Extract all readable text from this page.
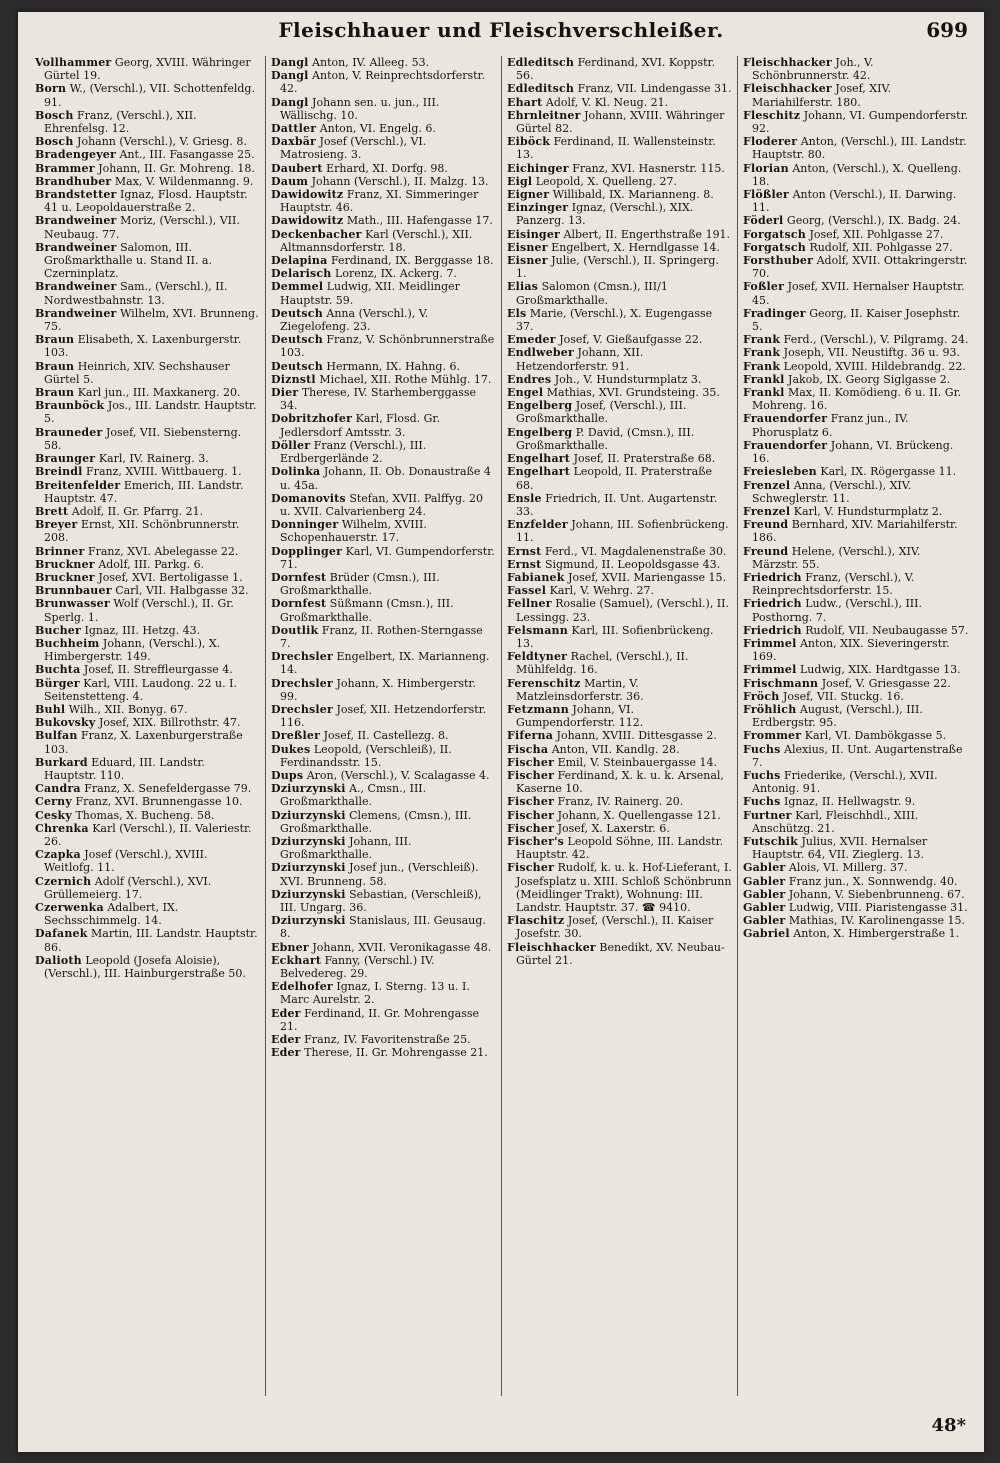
Fleischhauer und Fleischverschleißer.	699
Vollhammer Georg, XVIII. Währinger Gürtel 19.
Born W., (Verschl.), VII. Schottenfeldg. 91.
Bosch Franz, (Verschl.), XII. Ehrenfelsg. 12.
Bosch Johann (Verschl.), V. Griesg. 8.
Bradengeyer Ant., III. Fasangasse 25.
Brammer Johann, II. Gr. Mohreng. 18.
Brandhuber Max, V. Wildenmanng. 9.
Brandstetter Ignaz, Flosd. Hauptstr. 41 u. Leopoldauerstraße 2.
Brandweiner Moriz, (Verschl.), VII. Neubaug. 77.
Brandweiner Salomon, III. Großmarkthalle u. Stand II. a. Czerninplatz.
Brandweiner Sam., (Verschl.), II. Nordwestbahnstr. 13.
Brandweiner Wilhelm, XVI. Brunneng. 75.
Braun Elisabeth, X. Laxenburgerstr. 103.
Braun Heinrich, XIV. Sechshauser Gürtel 5.
Braun Karl jun., III. Maxkanerg. 20.
Braunböck Jos., III. Landstr. Hauptstr. 5.
Brauneder Josef, VII. Siebensterng. 58.
Braunger Karl, IV. Rainerg. 3.
Breindl Franz, XVIII. Wittbauerg. 1.
Breitenfelder Emerich, III. Landstr. Hauptstr. 47.
Brett Adolf, II. Gr. Pfarrg. 21.
Breyer Ernst, XII. Schönbrunnerstr. 208.
Brinner Franz, XVI. Abelegasse 22.
Bruckner Adolf, III. Parkg. 6.
Bruckner Josef, XVI. Bertoligasse 1.
Brunnbauer Carl, VII. Halbgasse 32.
Brunwasser Wolf (Verschl.), II. Gr. Sperlg. 1.
Bucher Ignaz, III. Hetzg. 43.
Buchheim Johann, (Verschl.), X. Himbergerstr. 149.
Buchta Josef, II. Streffleurgasse 4.
Bürger Karl, VIII. Laudong. 22 u. I. Seitenstetteng. 4.
Buhl Wilh., XII. Bonyg. 67.
Bukovsky Josef, XIX. Billrothstr. 47.
Bulfan Franz, X. Laxenburgerstraße 103.
Burkard Eduard, III. Landstr. Hauptstr. 110.
Candra Franz, X. Senefeldergasse 79.
Cerny Franz, XVI. Brunnengasse 10.
Cesky Thomas, X. Bucheng. 58.
Chrenka Karl (Verschl.), II. Valeriestr. 26.
Czapka Josef (Verschl.), XVIII. Weitlofg. 11.
Czernich Adolf (Verschl.), XVI. Grüllemeierg. 17.
Czerwenka Adalbert, IX. Sechsschimmelg. 14.
Dafanek Martin, III. Landstr. Hauptstr. 86.
Dalioth Leopold (Josefa Aloisie), (Verschl.), III. Hainburgerstraße 50.
Dangl Anton, IV. Alleeg. 53.
Dangl Anton, V. Reinprechtsdorferstr. 42.
Dangl Johann sen. u. jun., III. Wällischg. 10.
Dattler Anton, VI. Engelg. 6.
Daxbär Josef (Verschl.), VI. Matrosieng. 3.
Daubert Erhard, XI. Dorfg. 98.
Daum Johann (Verschl.), II. Malzg. 13.
Dawidowitz Franz, XI. Simmeringer Hauptstr. 46.
Dawidowitz Math., III. Hafengasse 17.
Deckenbacher Karl (Verschl.), XII. Altmannsdorferstr. 18.
Delapina Ferdinand, IX. Berggasse 18.
Delarisch Lorenz, IX. Ackerg. 7.
Demmel Ludwig, XII. Meidlinger Hauptstr. 59.
Deutsch Anna (Verschl.), V. Ziegelofeng. 23.
Deutsch Franz, V. Schönbrunnerstraße 103.
Deutsch Hermann, IX. Hahng. 6.
Diznstl Michael, XII. Rothe Mühlg. 17.
Dier Therese, IV. Starhemberggasse 34.
Dobritzhofer Karl, Flosd. Gr. Jedlersdorf Amtsstr. 3.
Döller Franz (Verschl.), III. Erdbergerlände 2.
Dolinka Johann, II. Ob. Donaustraße 4 u. 45a.
Domanovits Stefan, XVII. Palffyg. 20 u. XVII. Calvarienberg 24.
Donninger Wilhelm, XVIII. Schopenhauerstr. 17.
Dopplinger Karl, VI. Gumpendorferstr. 71.
Dornfest Brüder (Cmsn.), III. Großmarkthalle.
Dornfest Süßmann (Cmsn.), III. Großmarkthalle.
Doutlik Franz, II. Rothen-Sterngasse 7.
Drechsler Engelbert, IX. Marianneng. 14.
Drechsler Johann, X. Himbergerstr. 99.
Drechsler Josef, XII. Hetzendorferstr. 116.
Dreßler Josef, II. Castellezg. 8.
Dukes Leopold, (Verschleiß), II. Ferdinandsstr. 15.
Dups Aron, (Verschl.), V. Scalagasse 4.
Dziurzynski A., Cmsn., III. Großmarkthalle.
Dziurzynski Clemens, (Cmsn.), III. Großmarkthalle.
Dziurzynski Johann, III. Großmarkthalle.
Dziurzynski Josef jun., (Verschleiß). XVI. Brunneng. 58.
Dziurzynski Sebastian, (Verschleiß), III. Ungarg. 36.
Dziurzynski Stanislaus, III. Geusaug. 8.
Ebner Johann, XVII. Veronikagasse 48.
Eckhart Fanny, (Verschl.) IV. Belvedereg. 29.
Edelhofer Ignaz, I. Sterng. 13 u. I. Marc Aurelstr. 2.
Eder Ferdinand, II. Gr. Mohrengasse 21.
Eder Franz, IV. Favoritenstraße 25.
Eder Therese, II. Gr. Mohrengasse 21.
Edleditsch Ferdinand, XVI. Koppstr. 56.
Edleditsch Franz, VII. Lindengasse 31.
Ehart Adolf, V. Kl. Neug. 21.
Ehrnleitner Johann, XVIII. Währinger Gürtel 82.
Eiböck Ferdinand, II. Wallensteinstr. 13.
Eichinger Franz, XVI. Hasnerstr. 115.
Eigl Leopold, X. Quelleng. 27.
Eigner Willibald, IX. Marianneng. 8.
Einzinger Ignaz, (Verschl.), XIX. Panzerg. 13.
Eisinger Albert, II. Engerthstraße 191.
Eisner Engelbert, X. Herndlgasse 14.
Eisner Julie, (Verschl.), II. Springerg. 1.
Elias Salomon (Cmsn.), III/1 Großmarkthalle.
Els Marie, (Verschl.), X. Eugengasse 37.
Emeder Josef, V. Gießaufgasse 22.
Endlweber Johann, XII. Hetzendorferstr. 91.
Endres Joh., V. Hundsturmplatz 3.
Engel Mathias, XVI. Grundsteing. 35.
Engelberg Josef, (Verschl.), III. Großmarkthalle.
Engelberg P. David, (Cmsn.), III. Großmarkthalle.
Engelhart Josef, II. Praterstraße 68.
Engelhart Leopold, II. Praterstraße 68.
Ensle Friedrich, II. Unt. Augartenstr. 33.
Enzfelder Johann, III. Sofienbrückeng. 11.
Ernst Ferd., VI. Magdalenenstraße 30.
Ernst Sigmund, II. Leopoldsgasse 43.
Fabianek Josef, XVII. Mariengasse 15.
Fassel Karl, V. Wehrg. 27.
Fellner Rosalie (Samuel), (Verschl.), II. Lessingg. 23.
Felsmann Karl, III. Sofienbrückeng. 13.
Feldtyner Rachel, (Verschl.), II. Mühlfeldg. 16.
Ferenschitz Martin, V. Matzleinsdorferstr. 36.
Fetzmann Johann, VI. Gumpendorferstr. 112.
Fiferna Johann, XVIII. Dittesgasse 2.
Fischa Anton, VII. Kandlg. 28.
Fischer Emil, V. Steinbauergasse 14.
Fischer Ferdinand, X. k. u. k. Arsenal, Kaserne 10.
Fischer Franz, IV. Rainerg. 20.
Fischer Johann, X. Quellengasse 121.
Fischer Josef, X. Laxerstr. 6.
Fischer's Leopold Söhne, III. Landstr. Hauptstr. 42.
Fischer Rudolf, k. u. k. Hof-Lieferant, I. Josefsplatz u. XIII. Schloß Schönbrunn (Meidlinger Trakt), Wohnung: III. Landstr. Hauptstr. 37. ☎ 9410.
Flaschitz Josef, (Verschl.), II. Kaiser Josefstr. 30.
Fleischhacker Benedikt, XV. Neubau-Gürtel 21.
Fleischhacker Joh., V. Schönbrunnerstr. 42.
Fleischhacker Josef, XIV. Mariahilferstr. 180.
Fleschitz Johann, VI. Gumpendorferstr. 92.
Floderer Anton, (Verschl.), III. Landstr. Hauptstr. 80.
Florian Anton, (Verschl.), X. Quelleng. 18.
Flößler Anton (Verschl.), II. Darwing. 11.
Föderl Georg, (Verschl.), IX. Badg. 24.
Forgatsch Josef, XII. Pohlgasse 27.
Forgatsch Rudolf, XII. Pohlgasse 27.
Forsthuber Adolf, XVII. Ottakringerstr. 70.
Foßler Josef, XVII. Hernalser Hauptstr. 45.
Fradinger Georg, II. Kaiser Josephstr. 5.
Frank Ferd., (Verschl.), V. Pilgramg. 24.
Frank Joseph, VII. Neustiftg. 36 u. 93.
Frank Leopold, XVIII. Hildebrandg. 22.
Frankl Jakob, IX. Georg Siglgasse 2.
Frankl Max, II. Komödieng. 6 u. II. Gr. Mohreng. 16.
Frauendorfer Franz jun., IV. Phorusplatz 6.
Frauendorfer Johann, VI. Brückeng. 16.
Freiesleben Karl, IX. Rögergasse 11.
Frenzel Anna, (Verschl.), XIV. Schweglerstr. 11.
Frenzel Karl, V. Hundsturmplatz 2.
Freund Bernhard, XIV. Mariahilferstr. 186.
Freund Helene, (Verschl.), XIV. Märzstr. 55.
Friedrich Franz, (Verschl.), V. Reinprechtsdorferstr. 15.
Friedrich Ludw., (Verschl.), III. Posthorng. 7.
Friedrich Rudolf, VII. Neubaugasse 57.
Frimmel Anton, XIX. Sieveringerstr. 169.
Frimmel Ludwig, XIX. Hardtgasse 13.
Frischmann Josef, V. Griesgasse 22.
Fröch Josef, VII. Stuckg. 16.
Fröhlich August, (Verschl.), III. Erdbergstr. 95.
Frommer Karl, VI. Dambökgasse 5.
Fuchs Alexius, II. Unt. Augartenstraße 7.
Fuchs Friederike, (Verschl.), XVII. Antonig. 91.
Fuchs Ignaz, II. Hellwagstr. 9.
Furtner Karl, Fleischhdl., XIII. Anschützg. 21.
Futschik Julius, XVII. Hernalser Hauptstr. 64, VII. Zieglerg. 13.
Gabler Alois, VI. Millerg. 37.
Gabler Franz jun., X. Sonnwendg. 40.
Gabler Johann, V. Siebenbrunneng. 67.
Gabler Ludwig, VIII. Piaristengasse 31.
Gabler Mathias, IV. Karolinengasse 15.
Gabriel Anton, X. Himbergerstraße 1.
48*
